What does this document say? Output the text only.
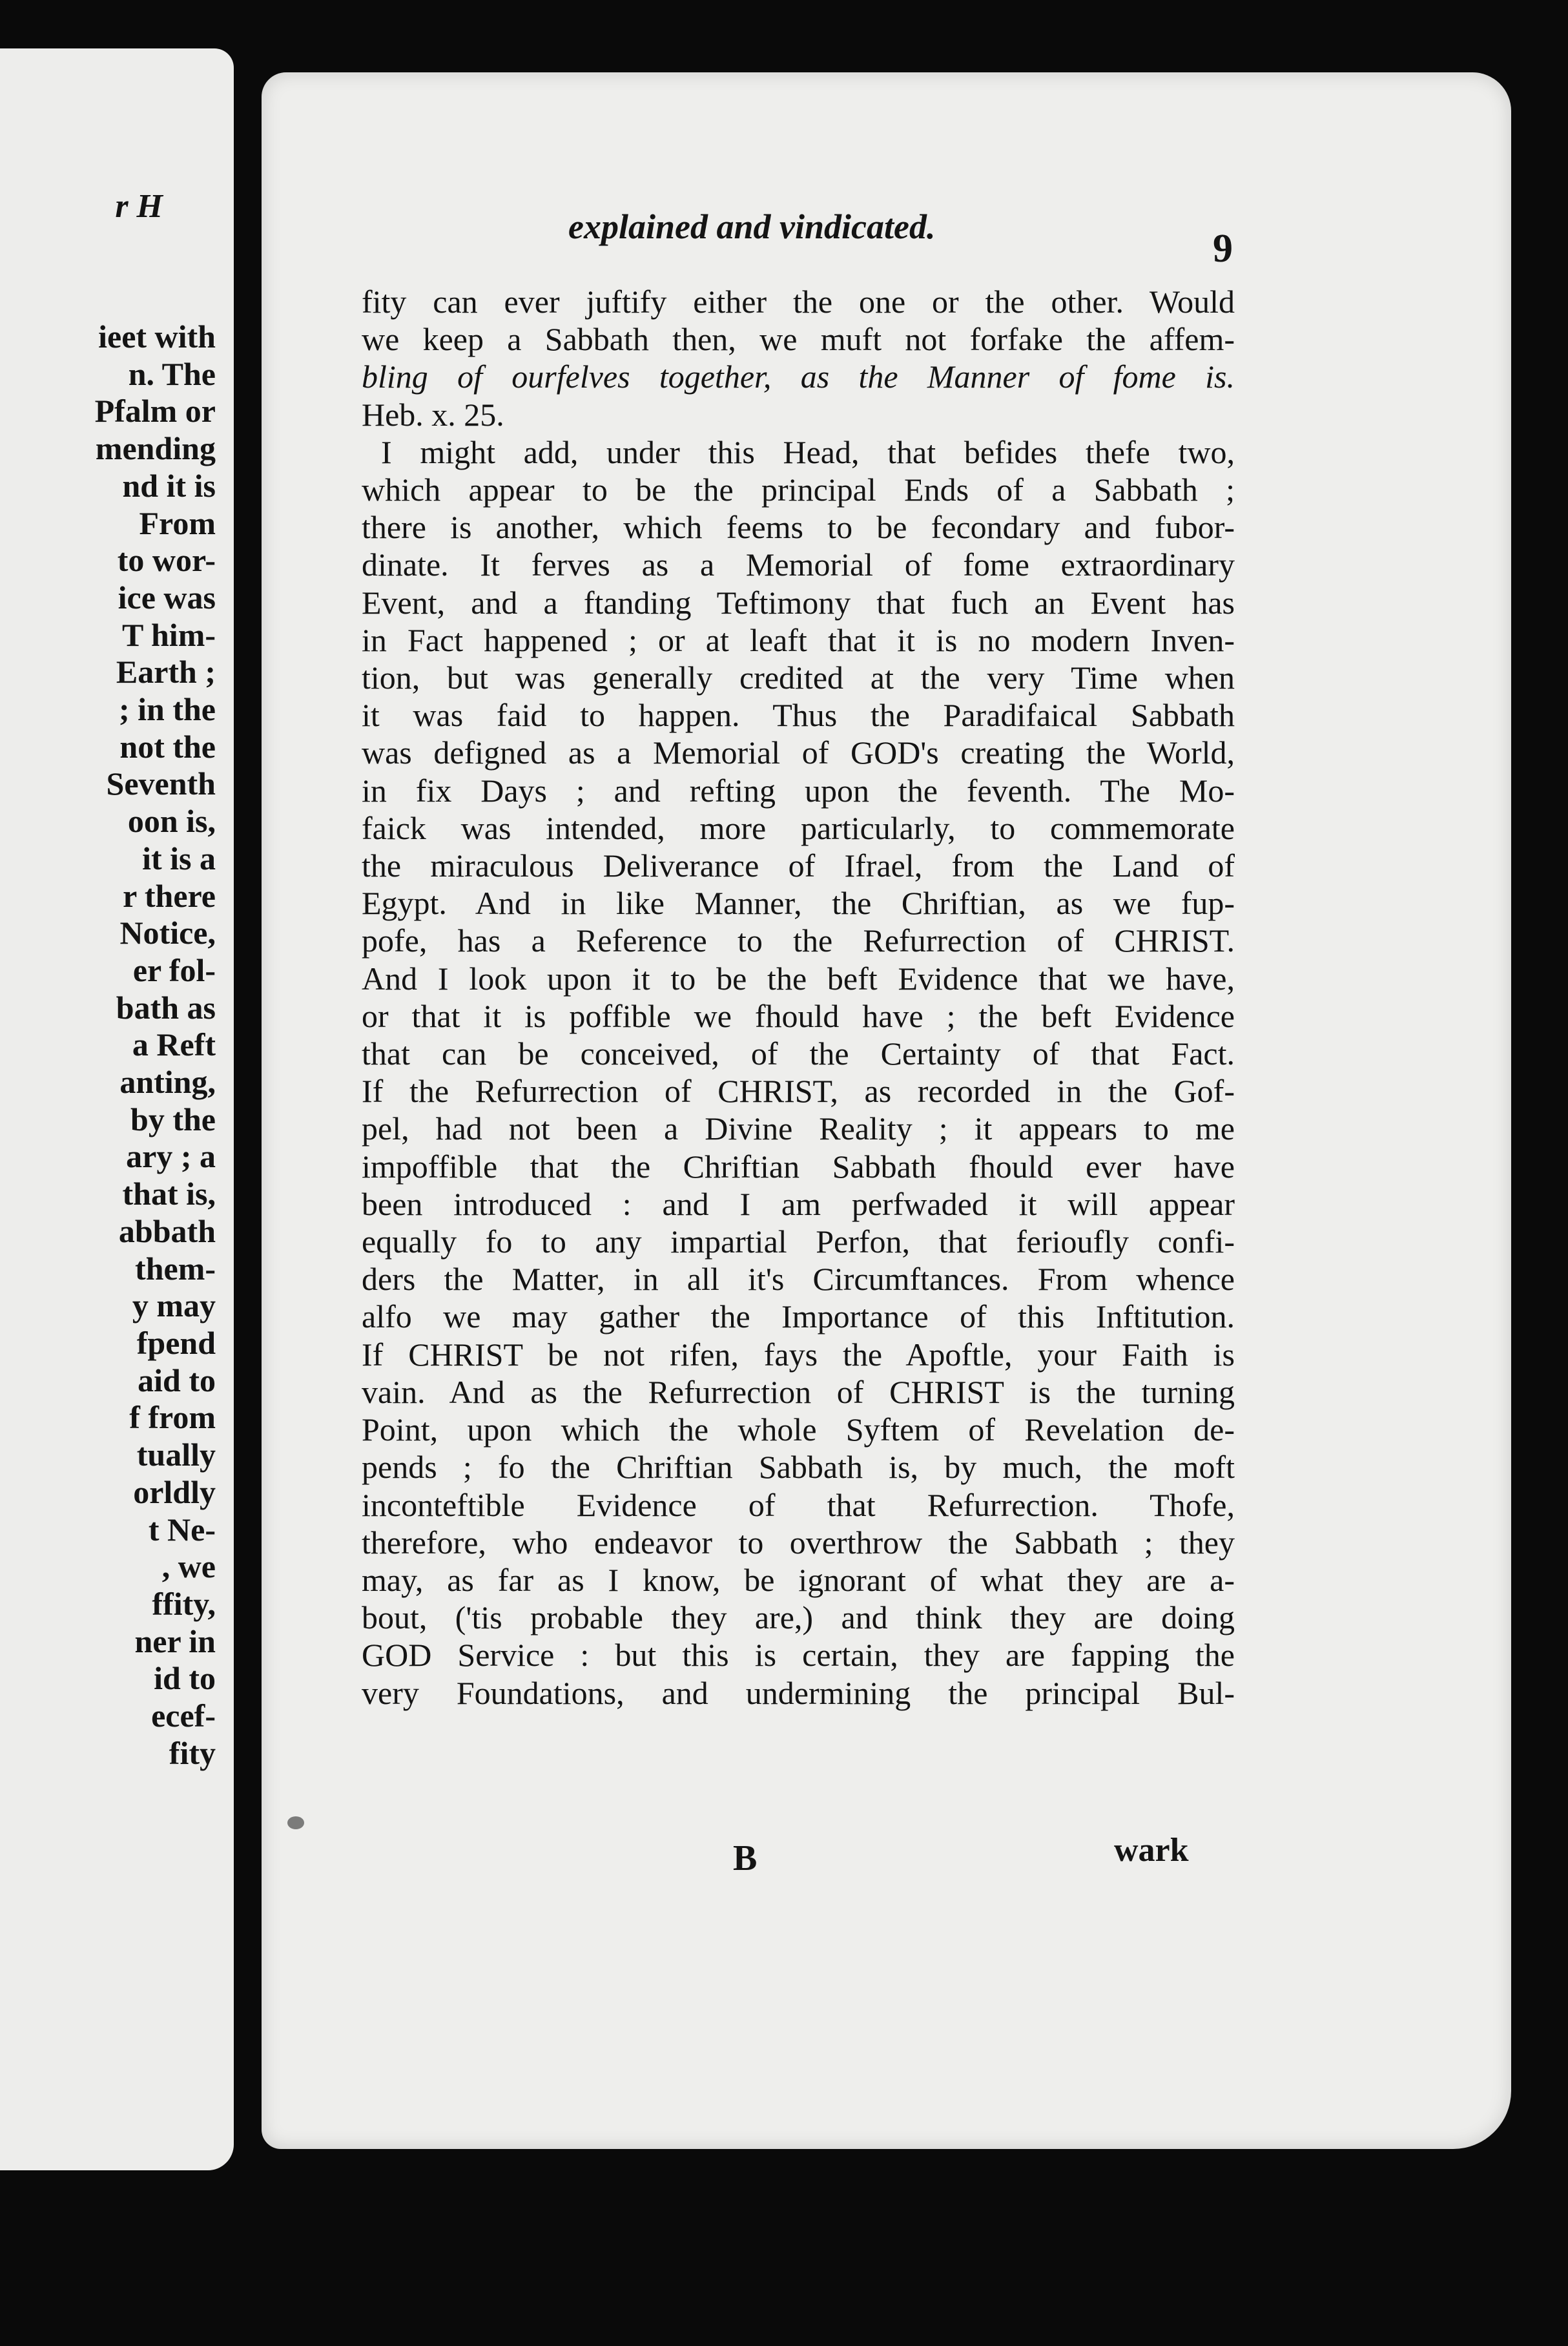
r H
ieet with
n. The
Pfalm or
mending
nd it is
From
to wor-
ice was
T him-
Earth ;
; in the
not the
Seventh
oon is,
it is a
r there
Notice,
er fol-
bath as
a Reft
anting,
by the
ary ; a
that is,
abbath
them-
y may
fpend
aid to
f from
tually
orldly
t Ne-
, we
ffity,
ner in
id to
ecef-
fity
explained and vindicated.	9
fity can ever juftify either the one or the other. Would
we keep a Sabbath then, we muft not forfake the affem-
bling of ourfelves together, as the Manner of fome is.
Heb. x. 25.
I might add, under this Head, that befides thefe two,
which appear to be the principal Ends of a Sabbath ;
there is another, which feems to be fecondary and fubor-
dinate. It ferves as a Memorial of fome extraordinary
Event, and a ftanding Teftimony that fuch an Event has
in Fact happened ; or at leaft that it is no modern Inven-
tion, but was generally credited at the very Time when
it was faid to happen. Thus the Paradifaical Sabbath
was defigned as a Memorial of GOD's creating the World,
in fix Days ; and refting upon the feventh. The Mo-
faick was intended, more particularly, to commemorate
the miraculous Deliverance of Ifrael, from the Land of
Egypt. And in like Manner, the Chriftian, as we fup-
pofe, has a Reference to the Refurrection of CHRIST.
And I look upon it to be the beft Evidence that we have,
or that it is poffible we fhould have ; the beft Evidence
that can be conceived, of the Certainty of that Fact.
If the Refurrection of CHRIST, as recorded in the Gof-
pel, had not been a Divine Reality ; it appears to me
impoffible that the Chriftian Sabbath fhould ever have
been introduced : and I am perfwaded it will appear
equally fo to any impartial Perfon, that ferioufly confi-
ders the Matter, in all it's Circumftances. From whence
alfo we may gather the Importance of this Inftitution.
If CHRIST be not rifen, fays the Apoftle, your Faith is
vain. And as the Refurrection of CHRIST is the turning
Point, upon which the whole Syftem of Revelation de-
pends ; fo the Chriftian Sabbath is, by much, the moft
inconteftible Evidence of that Refurrection. Thofe,
therefore, who endeavor to overthrow the Sabbath ; they
may, as far as I know, be ignorant of what they are a-
bout, ('tis probable they are,) and think they are doing
GOD Service : but this is certain, they are fapping the
very Foundations, and undermining the principal Bul-
B	wark
